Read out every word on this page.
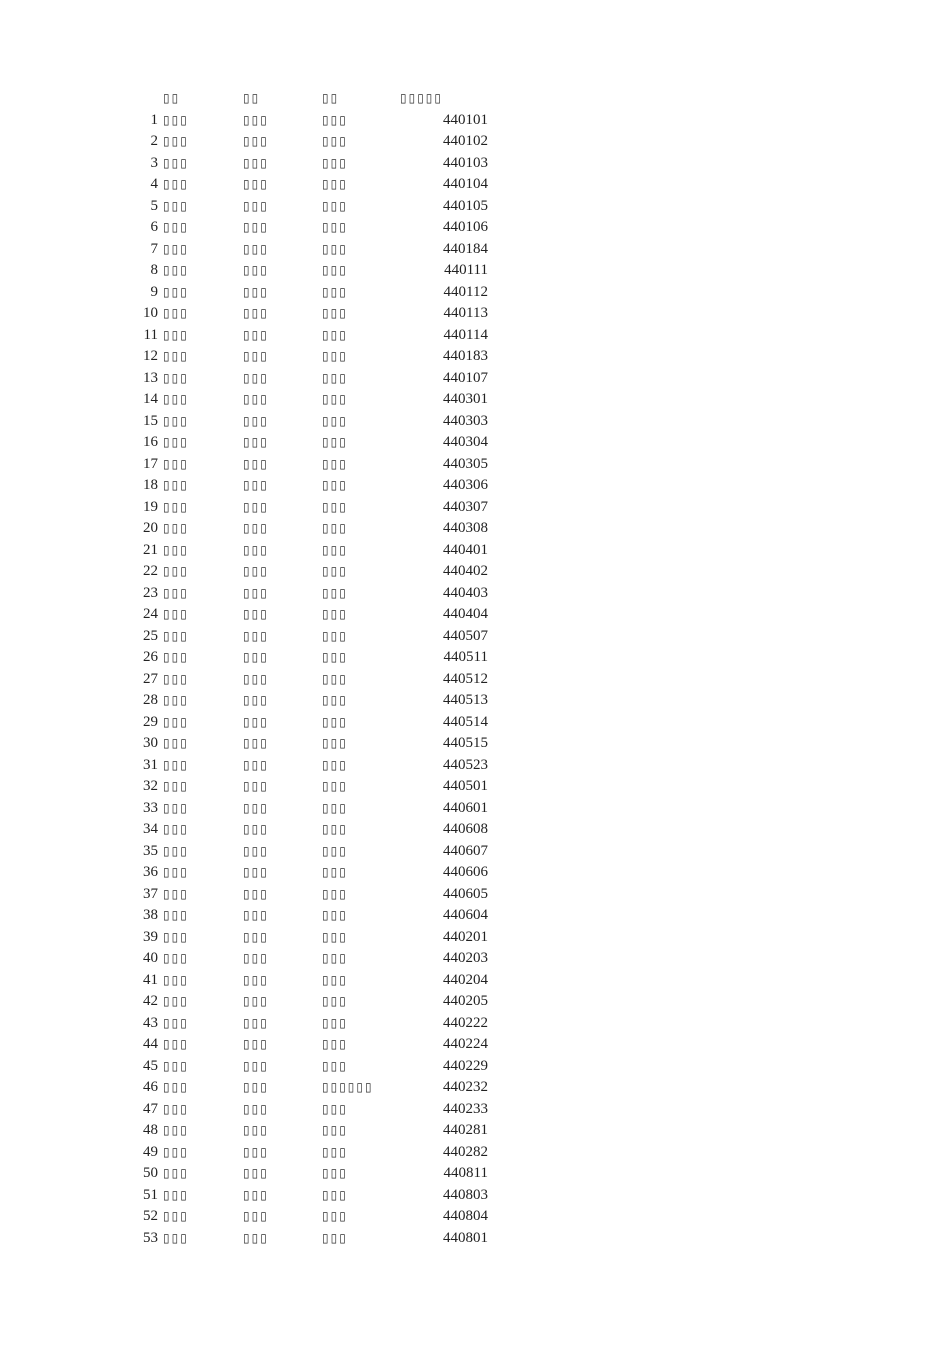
▯▯	▯▯	▯▯	▯▯▯▯▯
1 ▯▯▯	▯▯▯	▯▯▯	440101
2 ▯▯▯	▯▯▯	▯▯▯	440102
3 ▯▯▯	▯▯▯	▯▯▯	440103
4 ▯▯▯	▯▯▯	▯▯▯	440104
5 ▯▯▯	▯▯▯	▯▯▯	440105
6 ▯▯▯	▯▯▯	▯▯▯	440106
7 ▯▯▯	▯▯▯	▯▯▯	440184
8 ▯▯▯	▯▯▯	▯▯▯	440111
9 ▯▯▯	▯▯▯	▯▯▯	440112
10 ▯▯▯	▯▯▯	▯▯▯	440113
11 ▯▯▯	▯▯▯	▯▯▯	440114
12 ▯▯▯	▯▯▯	▯▯▯	440183
13 ▯▯▯	▯▯▯	▯▯▯	440107
14 ▯▯▯	▯▯▯	▯▯▯	440301
15 ▯▯▯	▯▯▯	▯▯▯	440303
16 ▯▯▯	▯▯▯	▯▯▯	440304
17 ▯▯▯	▯▯▯	▯▯▯	440305
18 ▯▯▯	▯▯▯	▯▯▯	440306
19 ▯▯▯	▯▯▯	▯▯▯	440307
20 ▯▯▯	▯▯▯	▯▯▯	440308
21 ▯▯▯	▯▯▯	▯▯▯	440401
22 ▯▯▯	▯▯▯	▯▯▯	440402
23 ▯▯▯	▯▯▯	▯▯▯	440403
24 ▯▯▯	▯▯▯	▯▯▯	440404
25 ▯▯▯	▯▯▯	▯▯▯	440507
26 ▯▯▯	▯▯▯	▯▯▯	440511
27 ▯▯▯	▯▯▯	▯▯▯	440512
28 ▯▯▯	▯▯▯	▯▯▯	440513
29 ▯▯▯	▯▯▯	▯▯▯	440514
30 ▯▯▯	▯▯▯	▯▯▯	440515
31 ▯▯▯	▯▯▯	▯▯▯	440523
32 ▯▯▯	▯▯▯	▯▯▯	440501
33 ▯▯▯	▯▯▯	▯▯▯	440601
34 ▯▯▯	▯▯▯	▯▯▯	440608
35 ▯▯▯	▯▯▯	▯▯▯	440607
36 ▯▯▯	▯▯▯	▯▯▯	440606
37 ▯▯▯	▯▯▯	▯▯▯	440605
38 ▯▯▯	▯▯▯	▯▯▯	440604
39 ▯▯▯	▯▯▯	▯▯▯	440201
40 ▯▯▯	▯▯▯	▯▯▯	440203
41 ▯▯▯	▯▯▯	▯▯▯	440204
42 ▯▯▯	▯▯▯	▯▯▯	440205
43 ▯▯▯	▯▯▯	▯▯▯	440222
44 ▯▯▯	▯▯▯	▯▯▯	440224
45 ▯▯▯	▯▯▯	▯▯▯	440229
46 ▯▯▯	▯▯▯	▯▯▯▯▯▯	440232
47 ▯▯▯	▯▯▯	▯▯▯	440233
48 ▯▯▯	▯▯▯	▯▯▯	440281
49 ▯▯▯	▯▯▯	▯▯▯	440282
50 ▯▯▯	▯▯▯	▯▯▯	440811
51 ▯▯▯	▯▯▯	▯▯▯	440803
52 ▯▯▯	▯▯▯	▯▯▯	440804
53 ▯▯▯	▯▯▯	▯▯▯	440801
